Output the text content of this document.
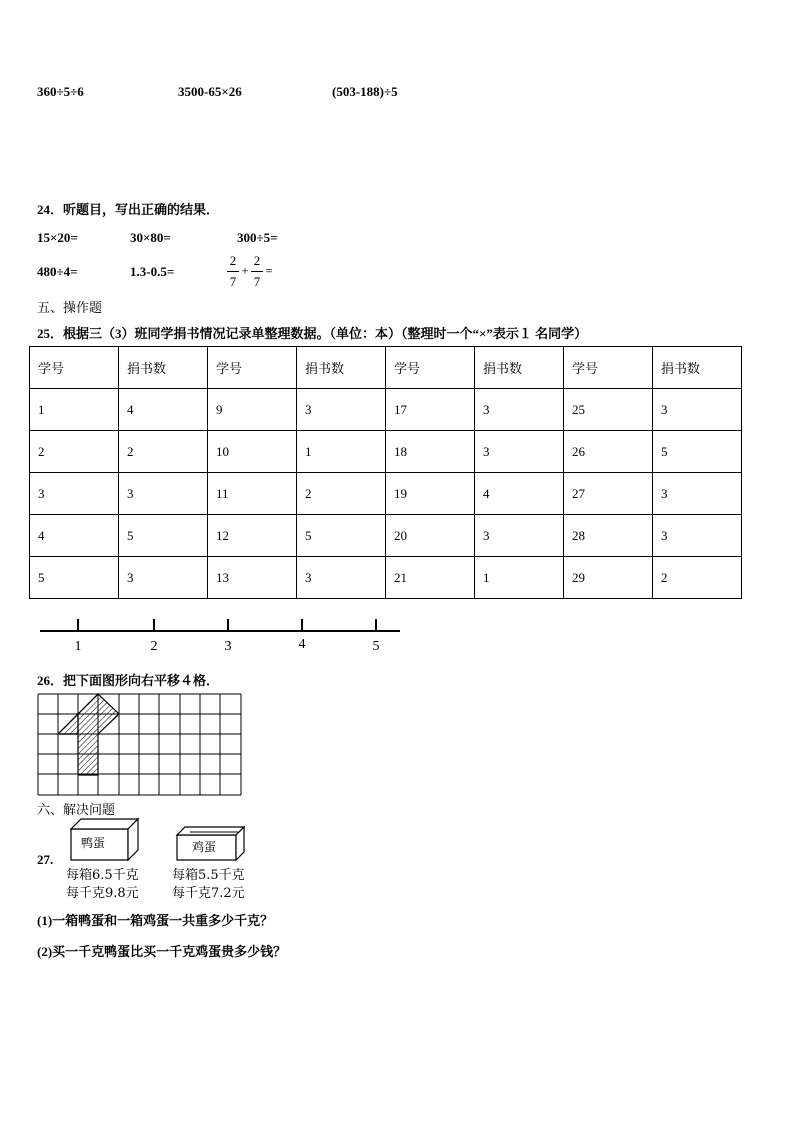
360÷5÷6	3500-65×26	(503-188)÷5
24．听题目，写出正确的结果．
15×20=	30×80=	300÷5=
480÷4=	1.3-0.5=
2
7
+
2
7
=
五、操作题
25．根据三（3）班同学捐书情况记录单整理数据。（单位：本）（整理时一个“×”表示１ 名同学）
学号	捐书数	学号	捐书数	学号	捐书数	学号	捐书数
1	4	9	3	17	3	25	3
2	2	10	1	18	3	26	5
3	3	11	2	19	4	27	3
4	5	12	5	20	3	28	3
5	3	13	3	21	1	29	2
1	2	3	4	5
26．把下面图形向右平移４格．
六、解决问题
鸭蛋	鸡蛋
27.
每箱6.5千克
每千克9.8元
每箱5.5千克
每千克7.2元
(1)一箱鸭蛋和一箱鸡蛋一共重多少千克？
(2)买一千克鸭蛋比买一千克鸡蛋贵多少钱？
